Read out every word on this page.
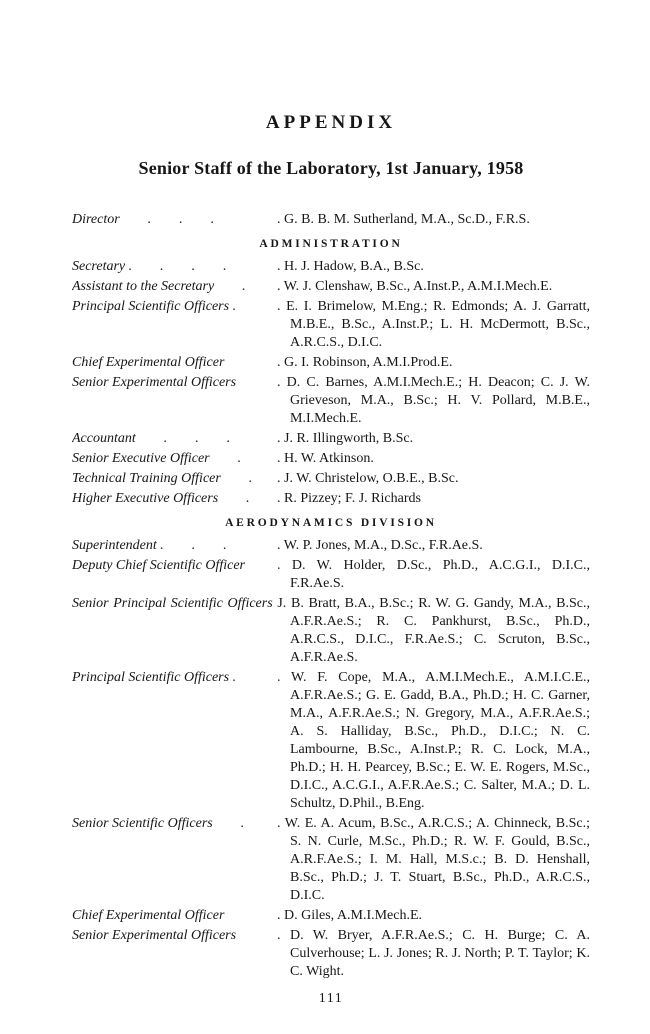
APPENDIX
Senior Staff of the Laboratory, 1st January, 1958
Director  .  .  .	. G. B. B. M. Sutherland, M.A., Sc.D., F.R.S.
ADMINISTRATION
Secretary .  .  .  .	. H. J. Hadow, B.A., B.Sc.
Assistant to the Secretary  .	. W. J. Clenshaw, B.Sc., A.Inst.P., A.M.I.Mech.E.
Principal Scientific Officers .	. E. I. Brimelow, M.Eng.; R. Edmonds; A. J. Garratt, M.B.E., B.Sc., A.Inst.P.; L. H. McDermott, B.Sc., A.R.C.S., D.I.C.
Chief Experimental Officer	. G. I. Robinson, A.M.I.Prod.E.
Senior Experimental Officers	. D. C. Barnes, A.M.I.Mech.E.; H. Deacon; C. J. W. Grieveson, M.A., B.Sc.; H. V. Pollard, M.B.E., M.I.Mech.E.
Accountant  .  .  .	. J. R. Illingworth, B.Sc.
Senior Executive Officer  .	. H. W. Atkinson.
Technical Training Officer  .	. J. W. Christelow, O.B.E., B.Sc.
Higher Executive Officers  .	. R. Pizzey; F. J. Richards
AERODYNAMICS DIVISION
Superintendent .  .  .	. W. P. Jones, M.A., D.Sc., F.R.Ae.S.
Deputy Chief Scientific Officer	. D. W. Holder, D.Sc., Ph.D., A.C.G.I., D.I.C., F.R.Ae.S.
Senior Principal Scientific Officers J. B. Bratt, B.A., B.Sc.; R. W. G. Gandy, M.A., B.Sc., A.F.R.Ae.S.; R. C. Pankhurst, B.Sc., Ph.D., A.R.C.S., D.I.C., F.R.Ae.S.; C. Scruton, B.Sc., A.F.R.Ae.S.
Principal Scientific Officers .	. W. F. Cope, M.A., A.M.I.Mech.E., A.M.I.C.E., A.F.R.Ae.S.; G. E. Gadd, B.A., Ph.D.; H. C. Garner, M.A., A.F.R.Ae.S.; N. Gregory, M.A., A.F.R.Ae.S.; A. S. Halliday, B.Sc., Ph.D., D.I.C.; N. C. Lambourne, B.Sc., A.Inst.P.; R. C. Lock, M.A., Ph.D.; H. H. Pearcey, B.Sc.; E. W. E. Rogers, M.Sc., D.I.C., A.C.G.I., A.F.R.Ae.S.; C. Salter, M.A.; D. L. Schultz, D.Phil., B.Eng.
Senior Scientific Officers  .	. W. E. A. Acum, B.Sc., A.R.C.S.; A. Chinneck, B.Sc.; S. N. Curle, M.Sc., Ph.D.; R. W. F. Gould, B.Sc., A.R.F.Ae.S.; I. M. Hall, M.S.c.; B. D. Henshall, B.Sc., Ph.D.; J. T. Stuart, B.Sc., Ph.D., A.R.C.S., D.I.C.
Chief Experimental Officer	. D. Giles, A.M.I.Mech.E.
Senior Experimental Officers	. D. W. Bryer, A.F.R.Ae.S.; C. H. Burge; C. A. Culverhouse; L. J. Jones; R. J. North; P. T. Taylor; K. C. Wight.
111
